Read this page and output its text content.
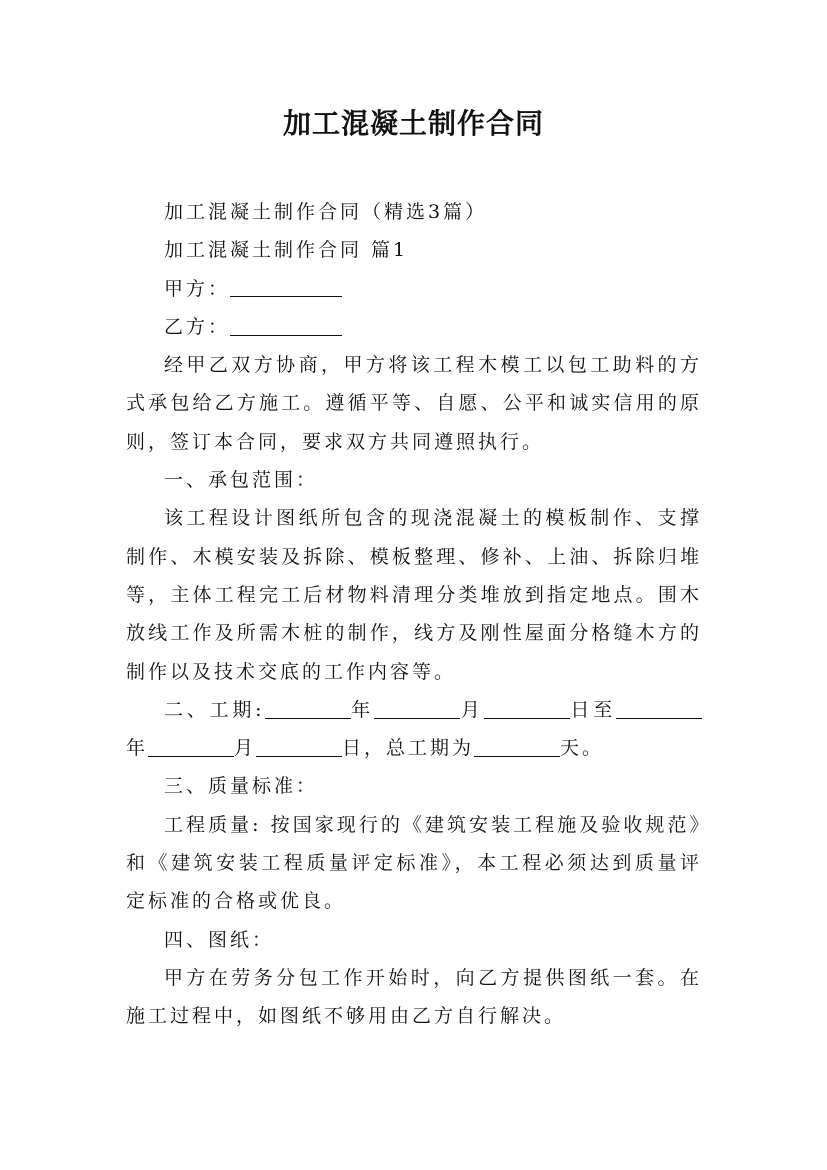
加工混凝土制作合同

加工混凝土制作合同（精选3篇）

加工混凝土制作合同 篇1

甲方：

乙方：

经甲乙双方协商，甲方将该工程木模工以包工助料的方式承包给乙方施工。遵循平等、自愿、公平和诚实信用的原则，签订本合同，要求双方共同遵照执行。

一、承包范围：

该工程设计图纸所包含的现浇混凝土的模板制作、支撑制作、木模安装及拆除、模板整理、修补、上油、拆除归堆等，主体工程完工后材物料清理分类堆放到指定地点。围木放线工作及所需木桩的制作，线方及刚性屋面分格缝木方的制作以及技术交底的工作内容等。

二、工期:	年	月	日至年	月	日，总工期为	天。

三、质量标准：

工程质量: 按国家现行的《建筑安装工程施及验收规范》和《建筑安装工程质量评定标准》，本工程必须达到质量评定标准的合格或优良。

四、图纸：

甲方在劳务分包工作开始时，向乙方提供图纸一套。在施工过程中，如图纸不够用由乙方自行解决。
